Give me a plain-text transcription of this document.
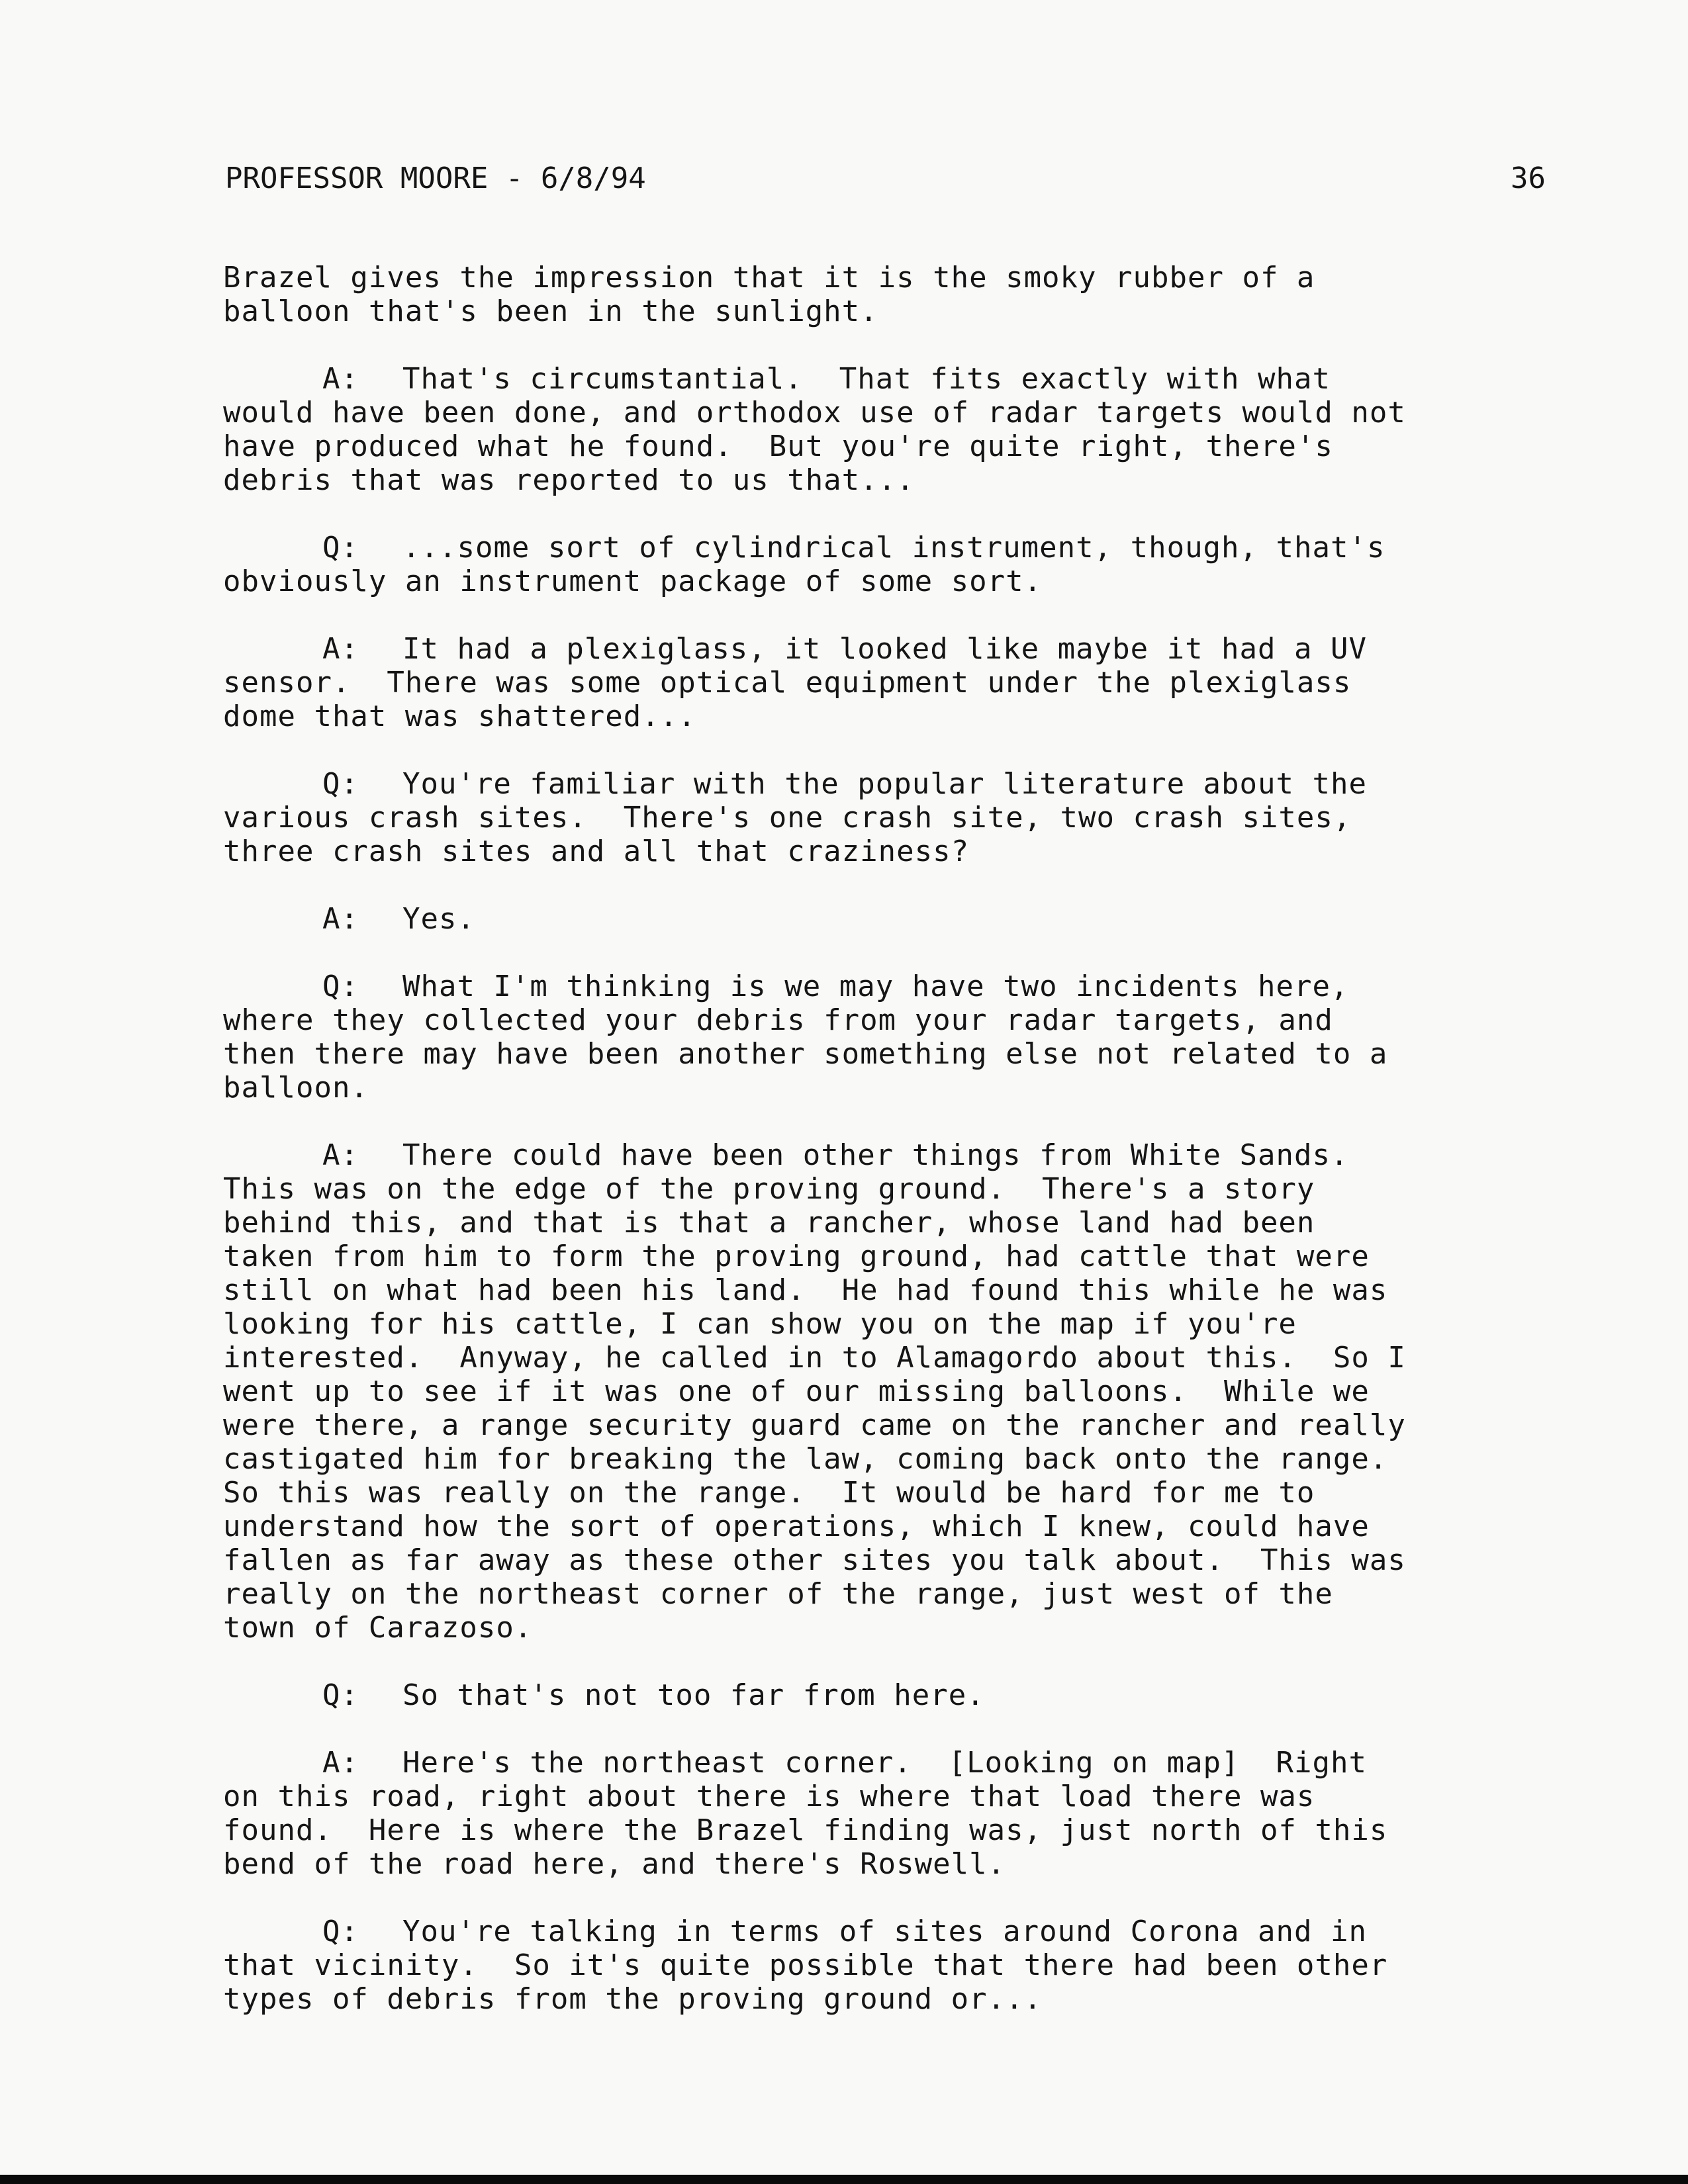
PROFESSOR MOORE - 6/8/94	36
Brazel gives the impression that it is the smoky rubber of a
balloon that's been in the sunlight.
A: That's circumstantial.  That fits exactly with what
would have been done, and orthodox use of radar targets would not
have produced what he found.  But you're quite right, there's
debris that was reported to us that...
Q: ...some sort of cylindrical instrument, though, that's
obviously an instrument package of some sort.
A: It had a plexiglass, it looked like maybe it had a UV
sensor.  There was some optical equipment under the plexiglass
dome that was shattered...
Q: You're familiar with the popular literature about the
various crash sites.  There's one crash site, two crash sites,
three crash sites and all that craziness?
A: Yes.
Q: What I'm thinking is we may have two incidents here,
where they collected your debris from your radar targets, and
then there may have been another something else not related to a
balloon.
A: There could have been other things from White Sands.
This was on the edge of the proving ground.  There's a story
behind this, and that is that a rancher, whose land had been
taken from him to form the proving ground, had cattle that were
still on what had been his land.  He had found this while he was
looking for his cattle, I can show you on the map if you're
interested.  Anyway, he called in to Alamagordo about this.  So I
went up to see if it was one of our missing balloons.  While we
were there, a range security guard came on the rancher and really
castigated him for breaking the law, coming back onto the range.
So this was really on the range.  It would be hard for me to
understand how the sort of operations, which I knew, could have
fallen as far away as these other sites you talk about.  This was
really on the northeast corner of the range, just west of the
town of Carazoso.
Q: So that's not too far from here.
A: Here's the northeast corner.  [Looking on map]  Right
on this road, right about there is where that load there was
found.  Here is where the Brazel finding was, just north of this
bend of the road here, and there's Roswell.
Q: You're talking in terms of sites around Corona and in
that vicinity.  So it's quite possible that there had been other
types of debris from the proving ground or...
